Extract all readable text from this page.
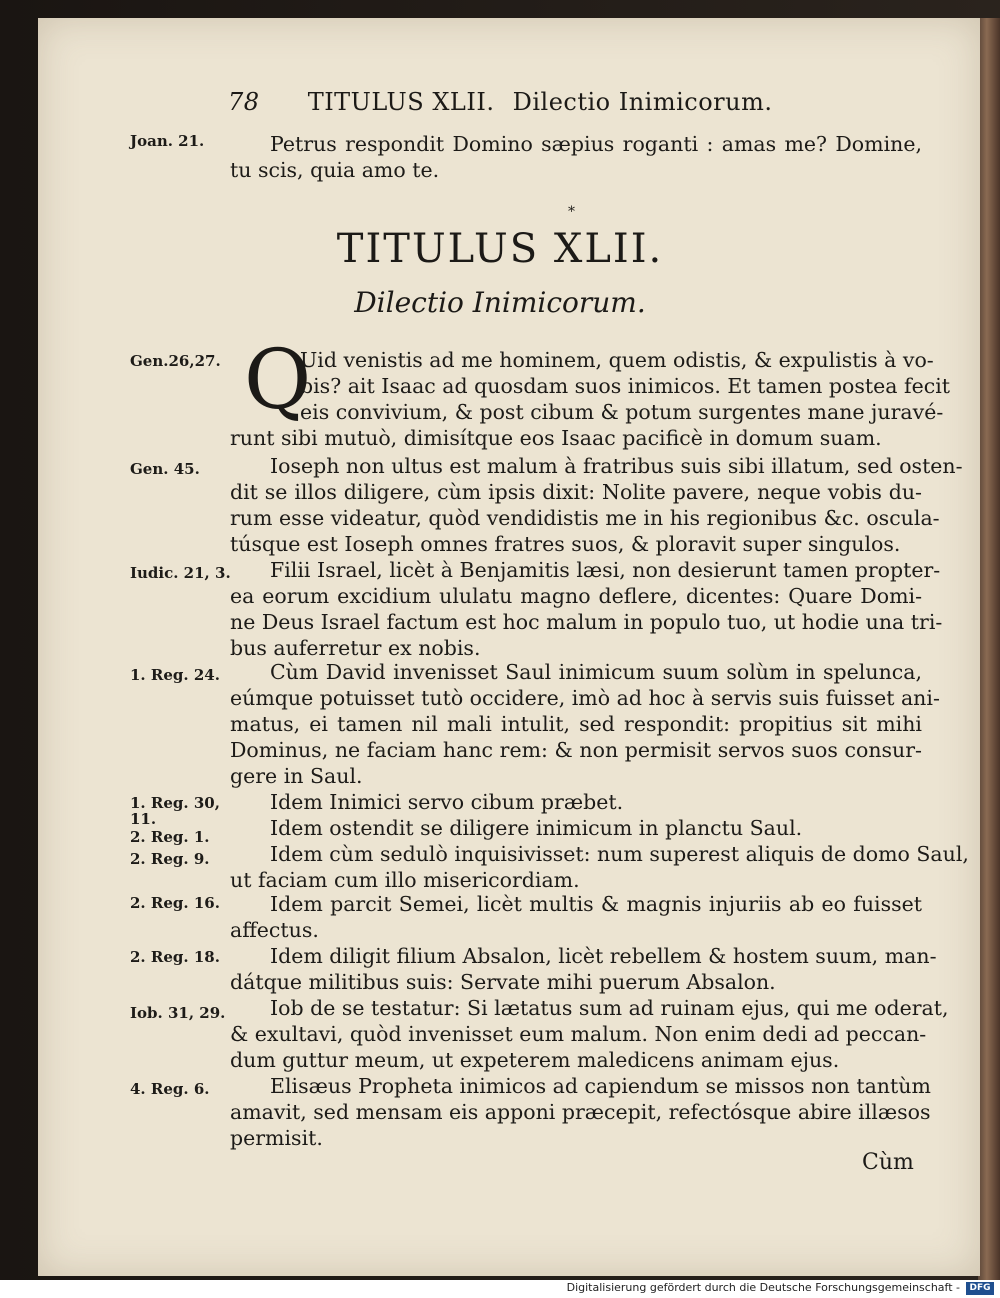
78 TITULUS XLII. Dilectio Inimicorum.
Joan. 21.	Petrus respondit Domino sæpius roganti : amas me? Domine,
tu scis, quia amo te.
*
TITULUS XLII.
Dilectio Inimicorum.
Q
Gen.26,27.	Uid venistis ad me hominem, quem odistis, & expulistis à vo-
bis? ait Isaac ad quosdam suos inimicos. Et tamen postea fecit
eis convivium, & post cibum & potum surgentes mane juravé-
runt sibi mutuò, dimisítque eos Isaac pacificè in domum suam.
Gen. 45.	Ioseph non ultus est malum à fratribus suis sibi illatum, sed osten-
dit se illos diligere, cùm ipsis dixit: Nolite pavere, neque vobis du-
rum esse videatur, quòd vendidistis me in his regionibus &c. oscula-
túsque est Ioseph omnes fratres suos, & ploravit super singulos.
Iudic. 21, 3.	Filii Israel, licèt à Benjamitis læsi, non desierunt tamen propter-
ea eorum excidium ululatu magno deflere, dicentes: Quare Domi-
ne Deus Israel factum est hoc malum in populo tuo, ut hodie una tri-
bus auferretur ex nobis.
1. Reg. 24.	Cùm David invenisset Saul inimicum suum solùm in spelunca,
eúmque potuisset tutò occidere, imò ad hoc à servis suis fuisset ani-
matus, ei tamen nil mali intulit, sed respondit: propitius sit mihi
Dominus, ne faciam hanc rem: & non permisit servos suos consur-
gere in Saul.
1. Reg. 30,	Idem Inimici servo cibum præbet.
11.
2. Reg. 1.	Idem ostendit se diligere inimicum in planctu Saul.
2. Reg. 9.	Idem cùm sedulò inquisivisset: num superest aliquis de domo Saul,
ut faciam cum illo misericordiam.
2. Reg. 16.	Idem parcit Semei, licèt multis & magnis injuriis ab eo fuisset
affectus.
2. Reg. 18.	Idem diligit filium Absalon, licèt rebellem & hostem suum, man-
dátque militibus suis: Servate mihi puerum Absalon.
Iob. 31, 29.	Iob de se testatur: Si lætatus sum ad ruinam ejus, qui me oderat,
& exultavi, quòd invenisset eum malum. Non enim dedi ad peccan-
dum guttur meum, ut expeterem maledicens animam ejus.
4. Reg. 6.	Elisæus Propheta inimicos ad capiendum se missos non tantùm
amavit, sed mensam eis apponi præcepit, refectósque abire illæsos
permisit.
Cùm
Digitalisierung gefördert durch die Deutsche Forschungsgemeinschaft -	DFG
